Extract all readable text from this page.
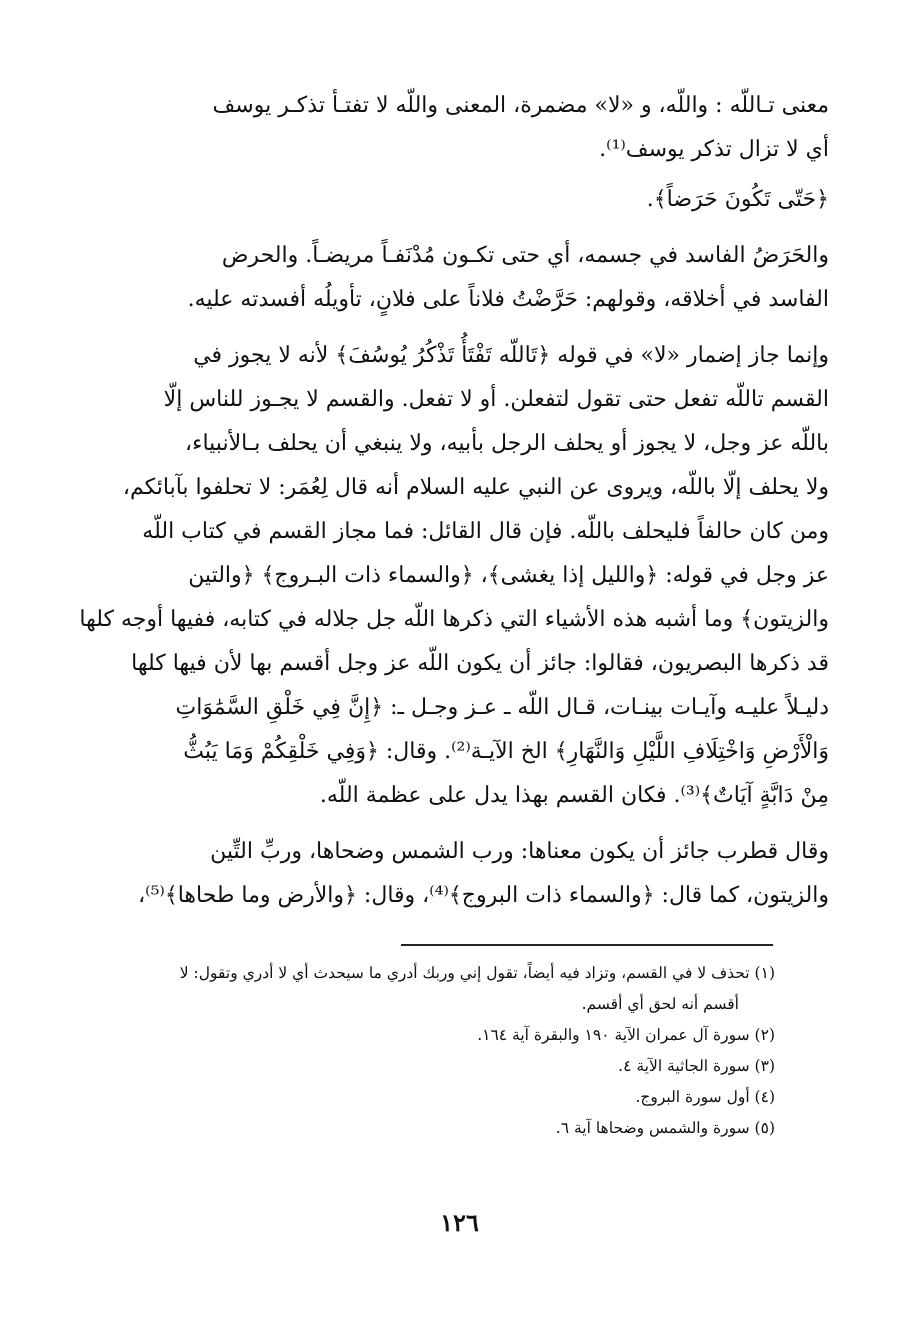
معنى تـاللّه : واللّه، و «لا» مضمرة، المعنى واللّه لا تفتـأ تذكـر يوسف
أي لا تزال تذكر يوسف⁽¹⁾.

﴿حَتّى تَكُونَ حَرَضاً﴾.

والحَرَضُ الفاسد في جسمه، أي حتى تكـون مُدْنَفـاً مريضـاً. والحرض
الفاسد في أخلاقه، وقولهم: حَرَّضْتُ فلاناً على فلانٍ، تأويلُه أفسدته عليه.

وإنما جاز إضمار «لا» في قوله ﴿تَاللّه تَفْتَأُ تَذْكُرُ يُوسُفَ﴾ لأنه لا يجوز في
القسم تاللّه تفعل حتى تقول لتفعلن. أو لا تفعل. والقسم لا يجـوز للناس إلّا
باللّه عز وجل، لا يجوز أو يحلف الرجل بأبيه، ولا ينبغي أن يحلف بـالأنبياء،
ولا يحلف إلّا باللّه، ويروى عن النبي عليه السلام أنه قال لِعُمَر: لا تحلفوا بآبائكم،
ومن كان حالفاً فليحلف باللّه. فإن قال القائل: فما مجاز القسم في كتاب اللّه
عز وجل في قوله: ﴿والليل إذا يغشى﴾، ﴿والسماء ذات البـروج﴾ ﴿والتين
والزيتون﴾ وما أشبه هذه الأشياء التي ذكرها اللّه جل جلاله في كتابه، ففيها أوجه كلها
قد ذكرها البصريون، فقالوا: جائز أن يكون اللّه عز وجل أقسم بها لأن فيها كلها
دليـلاً عليـه وآيـات بينـات، قـال اللّه ـ عـز وجـل ـ: ﴿إِنَّ فِي خَلْقِ السَّمَٰوَاتِ
وَالْأَرْضِ وَاخْتِلَافِ اللَّيْلِ وَالنَّهَارِ﴾ الخ الآيـة⁽²⁾. وقال: ﴿وَفِي خَلْقِكُمْ وَمَا يَبُثُّ
مِنْ دَابَّةٍ آيَاتٌ﴾⁽³⁾. فكان القسم بهذا يدل على عظمة اللّه.

وقال قطرب جائز أن يكون معناها: ورب الشمس وضحاها، وربِّ التِّين
والزيتون، كما قال: ﴿والسماء ذات البروج﴾⁽⁴⁾، وقال: ﴿والأرض وما طحاها﴾⁽⁵⁾،

(١) تحذف لا في القسم، وتزاد فيه أيضاً، تقول إني وربك أدري ما سيحدث أي لا أدري وتقول: لا

أقسم أنه لحق أي أقسم.

(٢) سورة آل عمران الآية ١٩٠ والبقرة آية ١٦٤.

(٣) سورة الجاثية الآية ٤.

(٤) أول سورة البروج.

(٥) سورة والشمس وضحاها آية ٦.

١٢٦
